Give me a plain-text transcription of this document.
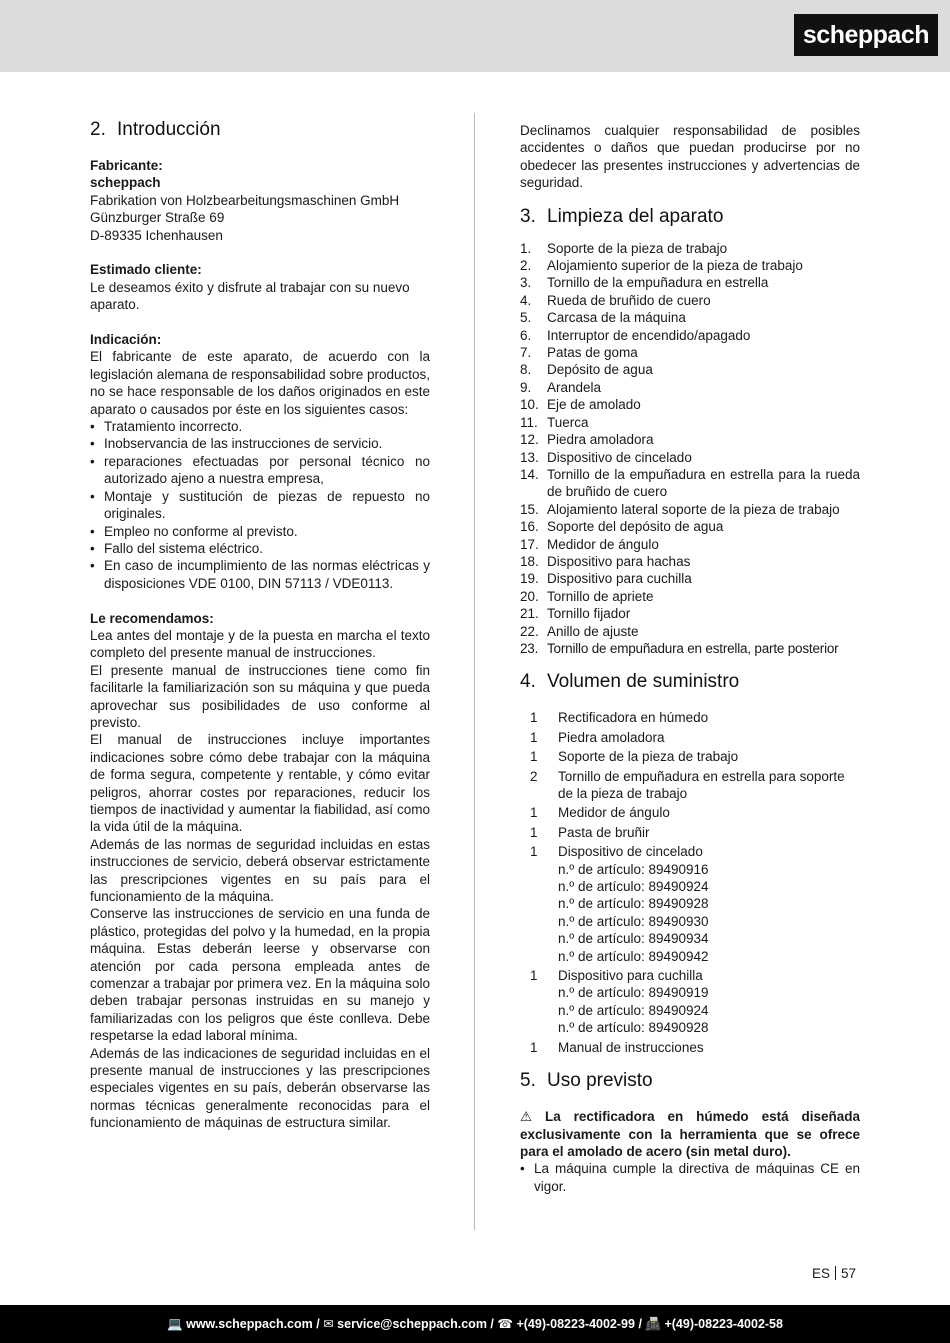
scheppach
2. Introducción

Fabricante:

scheppach

Fabrikation von Holzbearbeitungsmaschinen GmbH

Günzburger Straße 69

D-89335 Ichenhausen

Estimado cliente:

Le deseamos éxito y disfrute al trabajar con su nuevo aparato.

Indicación:

El fabricante de este aparato, de acuerdo con la legislación alemana de responsabilidad sobre productos, no se hace responsable de los daños originados en este aparato o causados por éste en los siguientes casos:

• Tratamiento incorrecto.
• Inobservancia de las instrucciones de servicio.
• reparaciones efectuadas por personal técnico no autorizado ajeno a nuestra empresa,
• Montaje y sustitución de piezas de repuesto no originales.
• Empleo no conforme al previsto.
• Fallo del sistema eléctrico.
• En caso de incumplimiento de las normas eléctricas y disposiciones VDE 0100, DIN 57113 / VDE0113.

Le recomendamos:

Lea antes del montaje y de la puesta en marcha el texto completo del presente manual de instrucciones.

El presente manual de instrucciones tiene como fin facilitarle la familiarización son su máquina y que pueda aprovechar sus posibilidades de uso conforme al previsto.

El manual de instrucciones incluye importantes indicaciones sobre cómo debe trabajar con la máquina de forma segura, competente y rentable, y cómo evitar peligros, ahorrar costes por reparaciones, reducir los tiempos de inactividad y aumentar la fiabilidad, así como la vida útil de la máquina.

Además de las normas de seguridad incluidas en estas instrucciones de servicio, deberá observar estrictamente las prescripciones vigentes en su país para el funcionamiento de la máquina.

Conserve las instrucciones de servicio en una funda de plástico, protegidas del polvo y la humedad, en la propia máquina. Estas deberán leerse y observarse con atención por cada persona empleada antes de comenzar a trabajar por primera vez. En la máquina solo deben trabajar personas instruidas en su manejo y familiarizadas con los peligros que éste conlleva. Debe respetarse la edad laboral mínima.

Además de las indicaciones de seguridad incluidas en el presente manual de instrucciones y las prescripciones especiales vigentes en su país, deberán observarse las normas técnicas generalmente reconocidas para el funcionamiento de máquinas de estructura similar.

Declinamos cualquier responsabilidad de posibles accidentes o daños que puedan producirse por no obedecer las presentes instrucciones y advertencias de seguridad.

3. Limpieza del aparato
1. Soporte de la pieza de trabajo
2. Alojamiento superior de la pieza de trabajo
3. Tornillo de la empuñadura en estrella
4. Rueda de bruñido de cuero
5. Carcasa de la máquina
6. Interruptor de encendido/apagado
7. Patas de goma
8. Depósito de agua
9. Arandela
10. Eje de amolado
11. Tuerca
12. Piedra amoladora
13. Dispositivo de cincelado
14. Tornillo de la empuñadura en estrella para la rueda de bruñido de cuero
15. Alojamiento lateral soporte de la pieza de trabajo
16. Soporte del depósito de agua
17. Medidor de ángulo
18. Dispositivo para hachas
19. Dispositivo para cuchilla
20. Tornillo de apriete
21. Tornillo fijador
22. Anillo de ajuste
23. Tornillo de empuñadura en estrella, parte posterior
4. Volumen de suministro
1 Rectificadora en húmedo
1 Piedra amoladora
1 Soporte de la pieza de trabajo
2 Tornillo de empuñadura en estrella para soporte de la pieza de trabajo
1 Medidor de ángulo
1 Pasta de bruñir
1 Dispositivo de cincelado
n.º de artículo: 89490916
n.º de artículo: 89490924
n.º de artículo: 89490928
n.º de artículo: 89490930
n.º de artículo: 89490934
n.º de artículo: 89490942
1 Dispositivo para cuchilla
n.º de artículo: 89490919
n.º de artículo: 89490924
n.º de artículo: 89490928
1 Manual de instrucciones
5. Uso previsto

⚠ La rectificadora en húmedo está diseñada exclusivamente con la herramienta que se ofrece para el amolado de acero (sin metal duro).

• La máquina cumple la directiva de máquinas CE en vigor.
ES 57
💻 www.scheppach.com / ✉ service@scheppach.com / ☎ +(49)-08223-4002-99 / 📠 +(49)-08223-4002-58
